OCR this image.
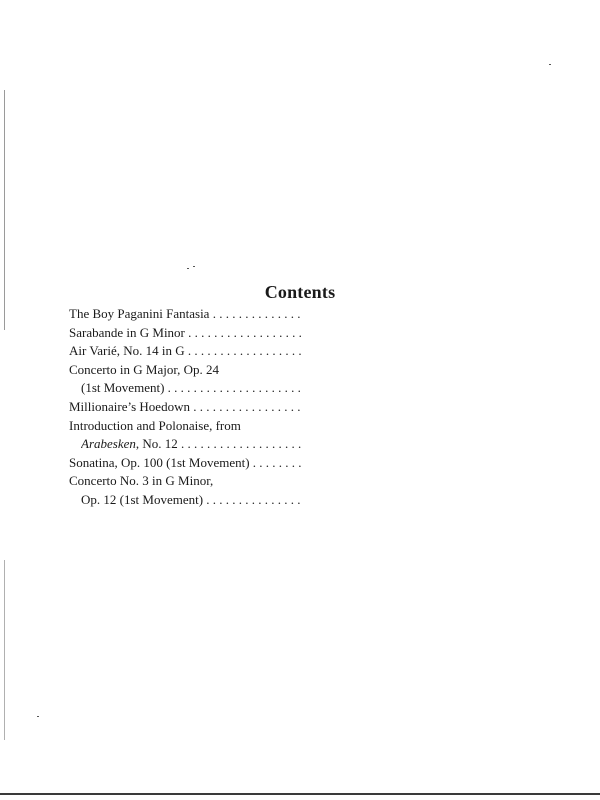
Contents
The Boy Paganini Fantasia . . .
Sarabande in G Minor . . .
Air Varié, No. 14 in G . . .
Concerto in G Major, Op. 24
(1st Movement) . . .
Millionaire’s Hoedown . . .
Introduction and Polonaise, from
Arabesken, No. 12 . . .
Sonatina, Op. 100 (1st Movement) . . .
Concerto No. 3 in G Minor,
Op. 12 (1st Movement) . . .
